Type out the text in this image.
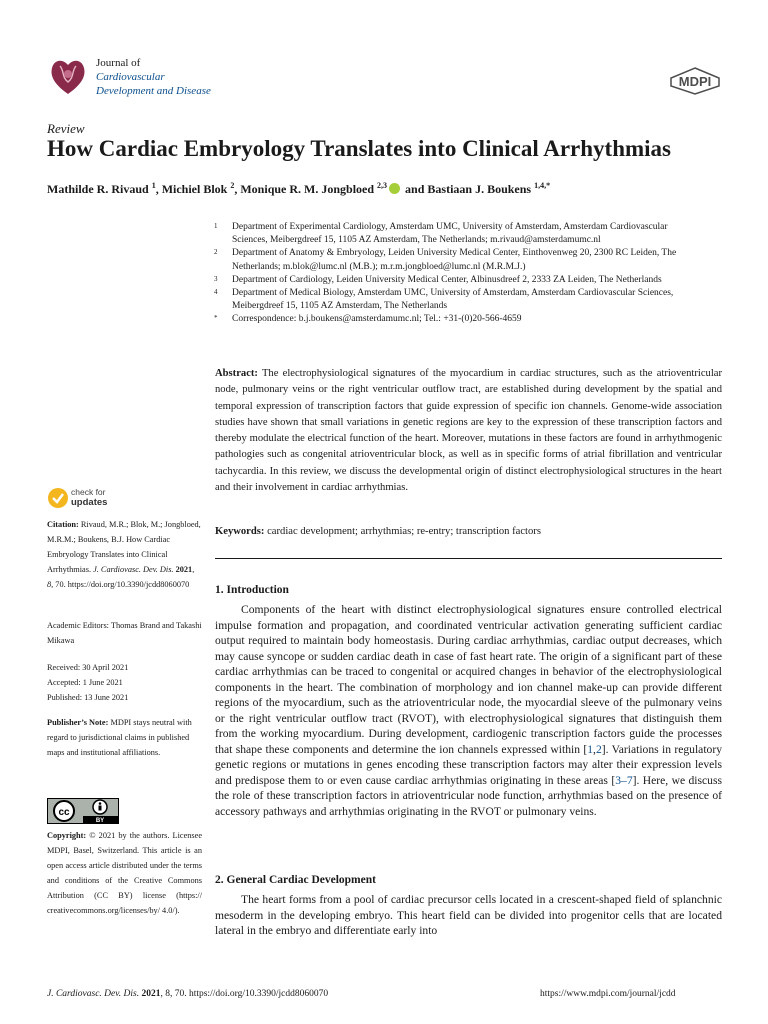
Journal of
Cardiovascular
Development and Disease
MDPI
Review
How Cardiac Embryology Translates into Clinical Arrhythmias
Mathilde R. Rivaud $^1$, Michiel Blok $^2$, Monique R. M. Jongbloed $^{2,3}$ and Bastiaan J. Boukens $^{1,4,*}$
1	Department of Experimental Cardiology, Amsterdam UMC, University of Amsterdam, Amsterdam Cardiovascular Sciences, Meibergdreef 15, 1105 AZ Amsterdam, The Netherlands; m.rivaud@amsterdamumc.nl
2	Department of Anatomy & Embryology, Leiden University Medical Center, Einthovenweg 20, 2300 RC Leiden, The Netherlands; m.blok@lumc.nl (M.B.); m.r.m.jongbloed@lumc.nl (M.R.M.J.)
3	Department of Cardiology, Leiden University Medical Center, Albinusdreef 2, 2333 ZA Leiden, The Netherlands
4	Department of Medical Biology, Amsterdam UMC, University of Amsterdam, Amsterdam Cardiovascular Sciences, Meibergdreef 15, 1105 AZ Amsterdam, The Netherlands
*	Correspondence: b.j.boukens@amsterdamumc.nl; Tel.: +31-(0)20-566-4659
Abstract: The electrophysiological signatures of the myocardium in cardiac structures, such as the atrioventricular node, pulmonary veins or the right ventricular outflow tract, are established during development by the spatial and temporal expression of transcription factors that guide expression of specific ion channels. Genome-wide association studies have shown that small variations in genetic regions are key to the expression of these transcription factors and thereby modulate the electrical function of the heart. Moreover, mutations in these factors are found in arrhythmogenic pathologies such as congenital atrioventricular block, as well as in specific forms of atrial fibrillation and ventricular tachycardia. In this review, we discuss the developmental origin of distinct electrophysiological structures in the heart and their involvement in cardiac arrhythmias.
Keywords: cardiac development; arrhythmias; re-entry; transcription factors
check for
updates
Citation: Rivaud, M.R.; Blok, M.; Jongbloed, M.R.M.; Boukens, B.J. How Cardiac Embryology Translates into Clinical Arrhythmias. J. Cardiovasc. Dev. Dis. 2021, 8, 70. https://doi.org/10.3390/jcdd8060070
Academic Editors: Thomas Brand and Takashi Mikawa
Received: 30 April 2021
Accepted: 1 June 2021
Published: 13 June 2021
Publisher’s Note: MDPI stays neutral with regard to jurisdictional claims in published maps and institutional affiliations.
cc
BY
Copyright: © 2021 by the authors. Licensee MDPI, Basel, Switzerland. This article is an open access article distributed under the terms and conditions of the Creative Commons Attribution (CC BY) license (https:// creativecommons.org/licenses/by/ 4.0/).
1. Introduction
Components of the heart with distinct electrophysiological signatures ensure controlled electrical impulse formation and propagation, and coordinated ventricular activation generating sufficient cardiac output required to maintain body homeostasis. During cardiac arrhythmias, cardiac output decreases, which may cause syncope or sudden cardiac death in case of fast heart rate. The origin of a significant part of these cardiac arrhythmias can be traced to congenital or acquired changes in behavior of the electrophysiological components in the heart. The combination of morphology and ion channel make-up can provide different regions of the myocardium, such as the atrioventricular node, the myocardial sleeve of the pulmonary veins or the right ventricular outflow tract (RVOT), with electrophysiological signatures that distinguish them from the working myocardium. During development, cardiogenic transcription factors guide the processes that shape these components and determine the ion channels expressed within [1,2]. Variations in regulatory genetic regions or mutations in genes encoding these transcription factors may alter their expression levels and predispose them to or even cause cardiac arrhythmias originating in these areas [3–7]. Here, we discuss the role of these transcription factors in atrioventricular node function, arrhythmias based on the presence of accessory pathways and arrhythmias originating in the RVOT or pulmonary veins.
2. General Cardiac Development
The heart forms from a pool of cardiac precursor cells located in a crescent-shaped field of splanchnic mesoderm in the developing embryo. This heart field can be divided into progenitor cells that are located lateral in the embryo and differentiate early into
J. Cardiovasc. Dev. Dis. 2021, 8, 70. https://doi.org/10.3390/jcdd8060070	https://www.mdpi.com/journal/jcdd
